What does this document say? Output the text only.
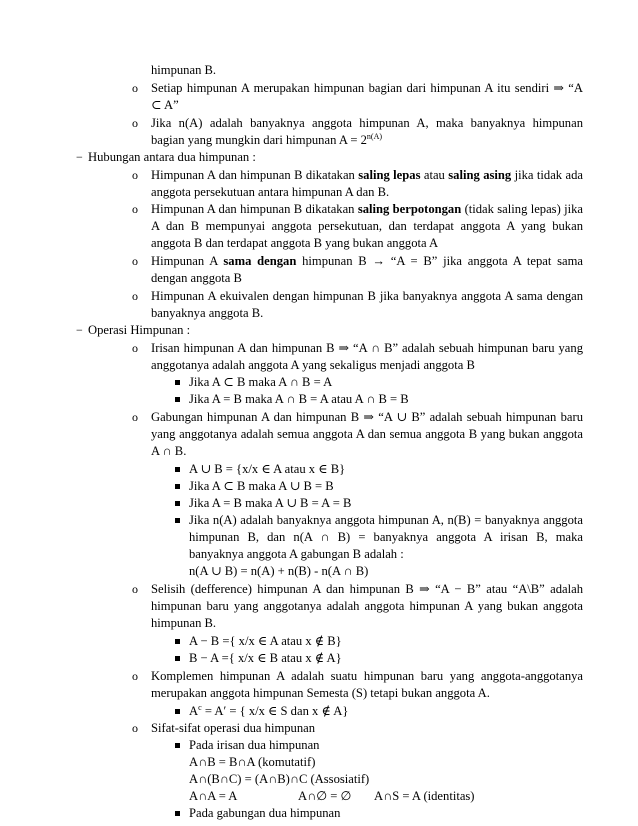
himpunan B.
o Setiap himpunan A merupakan himpunan bagian dari himpunan A itu sendiri ⇒ “A
⊂ A”
o Jika n(A) adalah banyaknya anggota himpunan A, maka banyaknya himpunan
bagian yang mungkin dari himpunan $A = 2^{n(A)}$
− Hubungan antara dua himpunan :
o Himpunan A dan himpunan B dikatakan saling lepas atau saling asing jika tidak ada
anggota persekutuan antara himpunan A dan B.
o Himpunan A dan himpunan B dikatakan saling berpotongan (tidak saling lepas) jika
A dan B mempunyai anggota persekutuan, dan terdapat anggota A yang bukan
anggota B dan terdapat anggota B yang bukan anggota A
o Himpunan A sama dengan himpunan B → “A = B” jika anggota A tepat sama
dengan anggota B
o Himpunan A ekuivalen dengan himpunan B jika banyaknya anggota A sama dengan
banyaknya anggota B.
− Operasi Himpunan :
o Irisan himpunan A dan himpunan B ⇒ “A ∩ B” adalah sebuah himpunan baru yang
anggotanya adalah anggota A yang sekaligus menjadi anggota B
Jika A ⊂ B maka A ∩ B = A
Jika A = B maka A ∩ B = A atau A ∩ B = B
o Gabungan himpunan A dan himpunan B ⇒ “A ∪ B” adalah sebuah himpunan baru
yang anggotanya adalah semua anggota A dan semua anggota B yang bukan anggota
A ∩ B.
A ∪ B = {x/x ∈ A atau x ∈ B}
Jika A ⊂ B maka A ∪ B = B
Jika A = B maka A ∪ B = A = B
Jika n(A) adalah banyaknya anggota himpunan A, n(B) = banyaknya anggota
himpunan B, dan n(A ∩ B) = banyaknya anggota A irisan B, maka
banyaknya anggota A gabungan B adalah :
n(A ∪ B) = n(A) + n(B) - n(A ∩ B)
o Selisih (defference) himpunan A dan himpunan B ⇒ “A − B” atau “A\B” adalah
himpunan baru yang anggotanya adalah anggota himpunan A yang bukan anggota
himpunan B.
A − B ={ x/x ∈ A atau x ∉ B}
B − A ={ x/x ∈ B atau x ∉ A}
o Komplemen himpunan A adalah suatu himpunan baru yang anggota-anggotanya
merupakan anggota himpunan Semesta (S) tetapi bukan anggota A.
$A^c = A'$ = { x/x ∈ S dan x ∉ A}
o Sifat-sifat operasi dua himpunan
Pada irisan dua himpunan
A∩B = B∩A (komutatif)
A∩(B∩C) = (A∩B)∩C (Assosiatif)
A∩A = A	A∩∅ = ∅ A∩S = A (identitas)
Pada gabungan dua himpunan
